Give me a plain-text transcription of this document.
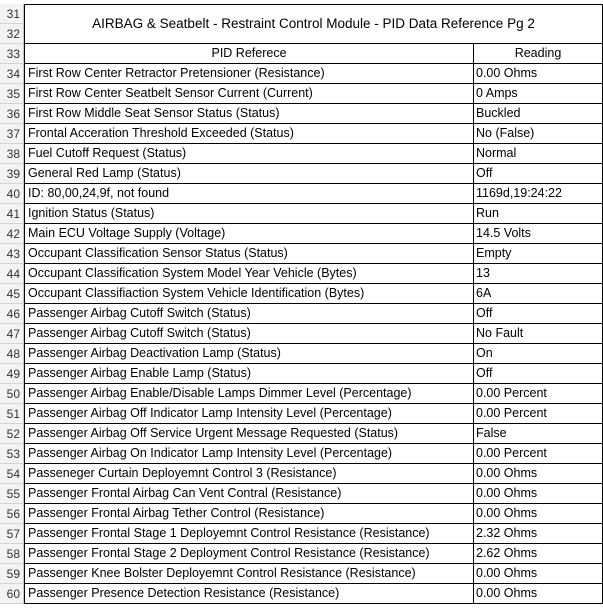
31
32
AIRBAG & Seatbelt - Restraint Control Module - PID Data Reference Pg 2
33	PID Referece	Reading
34 First Row Center Retractor Pretensioner (Resistance)	0.00 Ohms
35 First Row Center Seatbelt Sensor Current (Current)	0 Amps
36 First Row Middle Seat Sensor Status (Status)	Buckled
37 Frontal Acceration Threshold Exceeded (Status)	No (False)
38 Fuel Cutoff Request (Status)	Normal
39 General Red Lamp (Status)	Off
40 ID: 80,00,24,9f, not found	1169d,19:24:22
41 Ignition Status (Status)	Run
42 Main ECU Voltage Supply (Voltage)	14.5 Volts
43 Occupant Classification Sensor Status (Status)	Empty
44 Occupant Classification System Model Year Vehicle (Bytes)	13
45 Occupant Classifiaction System Vehicle Identification (Bytes)	6A
46 Passenger Airbag Cutoff Switch (Status)	Off
47 Passenger Airbag Cutoff Switch (Status)	No Fault
48 Passenger Airbag Deactivation Lamp (Status)	On
49 Passenger Airbag Enable Lamp (Status)	Off
50 Passenger Airbag Enable/Disable Lamps Dimmer Level (Percentage)	0.00 Percent
51 Passenger Airbag Off Indicator Lamp Intensity Level (Percentage)	0.00 Percent
52 Passenger Airbag Off Service Urgent Message Requested (Status)	False
53 Passenger Airbag On Indicator Lamp Intensity Level (Percentage)	0.00 Percent
54 Passeneger Curtain Deployemnt Control 3 (Resistance)	0.00 Ohms
55 Passenger Frontal Airbag Can Vent Contral (Resistance)	0.00 Ohms
56 Passenger Frontal Airbag Tether Control (Resistance)	0.00 Ohms
57 Passenger Frontal Stage 1 Deployemnt Control Resistance (Resistance)	2.32 Ohms
58 Passenger Frontal Stage 2 Deployment Control Resistance (Resistance)	2.62 Ohms
59 Passenger Knee Bolster Deployemnt Control Resistance (Resistance)	0.00 Ohms
60 Passenger Presence Detection Resistance (Resistance)	0.00 Ohms
